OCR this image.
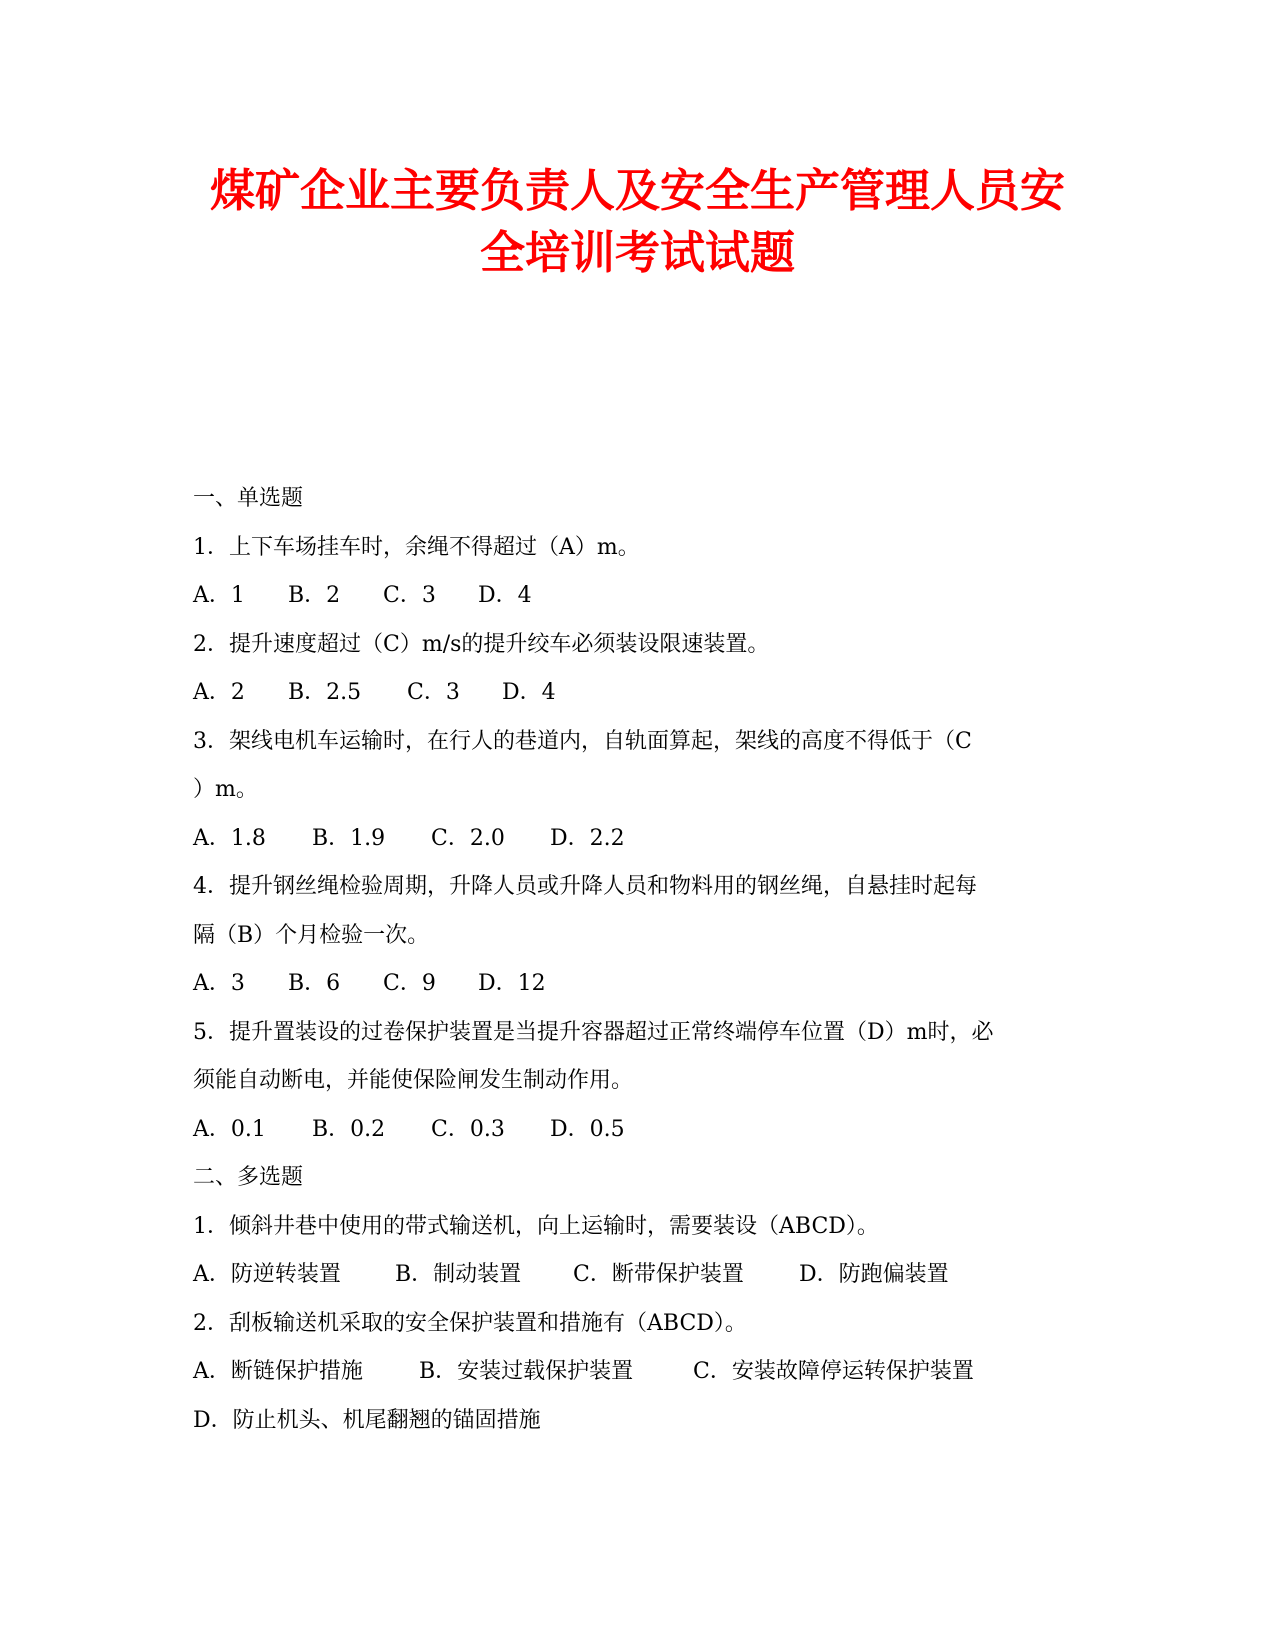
煤矿企业主要负责人及安全生产管理人员安
全培训考试试题
一、单选题
1．上下车场挂车时，余绳不得超过（A）m。
A．1	B．2	C．3	D．4
2．提升速度超过（C）m/s的提升绞车必须装设限速装置。
A．2	B．2.5	C．3	D．4
3．架线电机车运输时，在行人的巷道内，自轨面算起，架线的高度不得低于（C
）m。
A．1.8	B．1.9	C．2.0	D．2.2
4．提升钢丝绳检验周期，升降人员或升降人员和物料用的钢丝绳，自悬挂时起每
隔（B）个月检验一次。
A．3	B．6	C．9	D．12
5．提升置装设的过卷保护装置是当提升容器超过正常终端停车位置（D）m时，必
须能自动断电，并能使保险闸发生制动作用。
A．0.1	B．0.2	C．0.3	D．0.5
二、多选题
1．倾斜井巷中使用的带式输送机，向上运输时，需要装设（ABCD）。
A．防逆转装置	B．制动装置	C．断带保护装置	D．防跑偏装置
2．刮板输送机采取的安全保护装置和措施有（ABCD）。
A．断链保护措施	B．安装过载保护装置	C．安装故障停运转保护装置
D．防止机头、机尾翻翘的锚固措施
